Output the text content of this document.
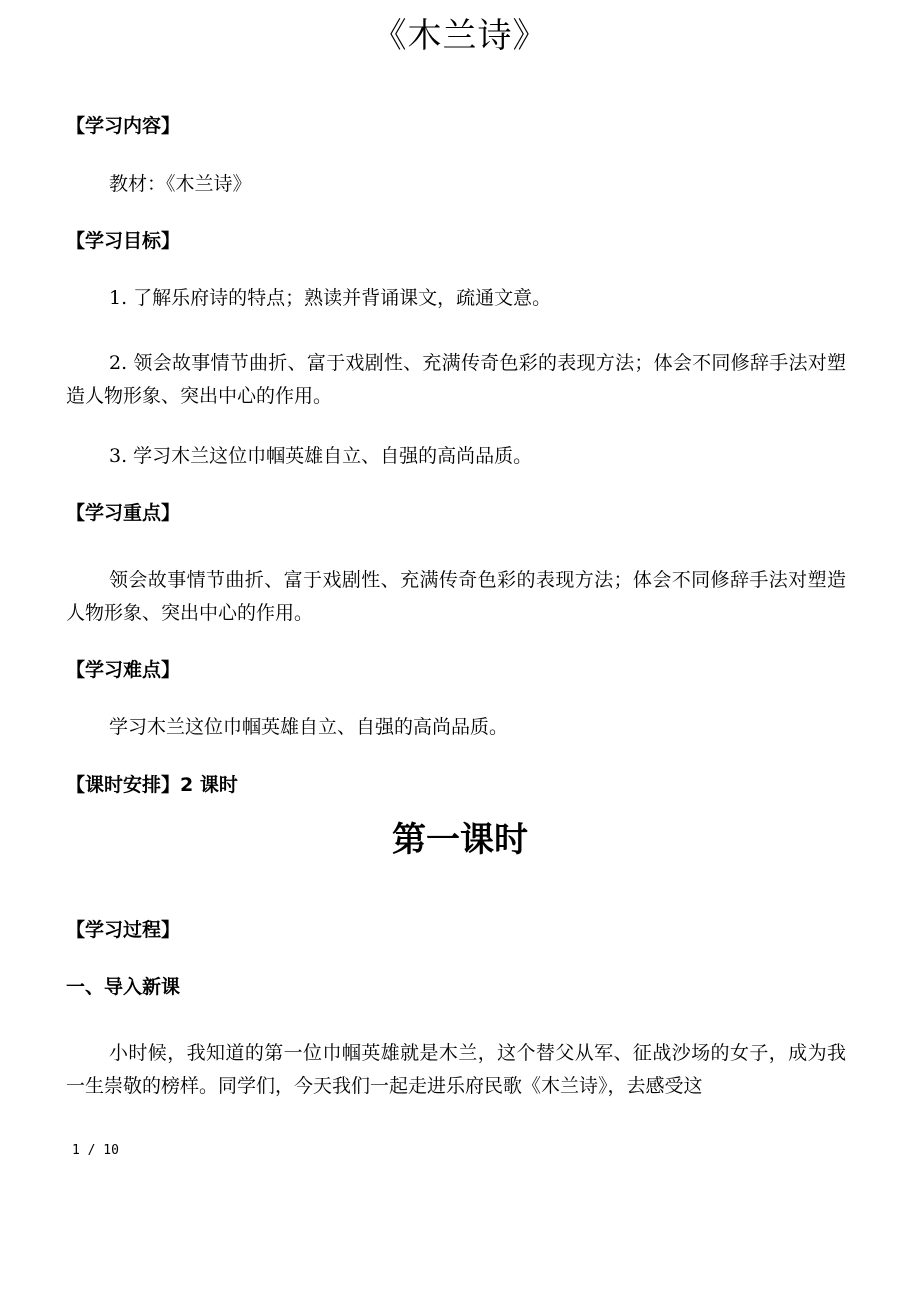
《木兰诗》
【学习内容】
教材：《木兰诗》
【学习目标】
1. 了解乐府诗的特点；熟读并背诵课文，疏通文意。
2. 领会故事情节曲折、富于戏剧性、充满传奇色彩的表现方法；体会不同修辞手法对塑造人物形象、突出中心的作用。
3. 学习木兰这位巾帼英雄自立、自强的高尚品质。
【学习重点】
领会故事情节曲折、富于戏剧性、充满传奇色彩的表现方法；体会不同修辞手法对塑造人物形象、突出中心的作用。
【学习难点】
学习木兰这位巾帼英雄自立、自强的高尚品质。
【课时安排】2 课时
第一课时
【学习过程】
一、导入新课
小时候，我知道的第一位巾帼英雄就是木兰，这个替父从军、征战沙场的女子，成为我一生崇敬的榜样。同学们，今天我们一起走进乐府民歌《木兰诗》，去感受这
1 / 10
